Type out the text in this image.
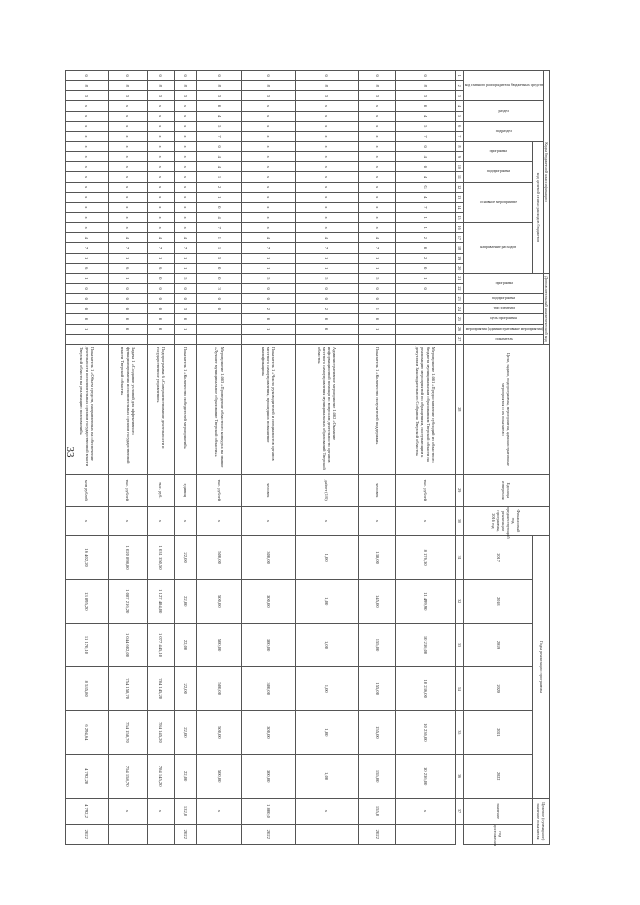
33
Коды бюджетной классификации																				Дополнительный аналитический код							Цели, задачи, подпрограммы, мероприятия, административные мероприятия и их показатели	Единица измерения	Финансовый год, предшествующий реализации программы, 2016 год	Годы реализации программы						Целевое (суммарное) значение показателя	
код главного распорядителя бюджетных средств			раздел		подраздел		код целевой статьи расходов бюджетов													программа		подпрограмма	тип элемента	цель программы	мероприятия (административные мероприятия)	показатель											
							программа		подпрограмма		основное мероприятие				направление расходов															2017	2018	2019	2020	2021	2022	значение	год достижения
1	2	3	4	5	6	7	8	9	10	11	12	13	14	15	16	17	18	19	20	21	22	23	24	25	26	27	28	29	30	31	32	33	34	35	36	37	
0	8	3	0	4	5	7	0	4	0	4	G	4	7	1	1	2	0	2	0	1	0						Мероприятие 1.001 «Предоставление субсидий из областного бюджета муниципальным образованиям Тверской области на реализацию мероприятий по обращениям, поступающим к депутатам Законодательного Собрания Тверской области»	тыс. рублей	х	8 176,30	11 499,90	10 236,00	10 236,00	10 236,00	10 236,00	х	
0	8	3	х	х	х	х	х	х	х	х	х	х	х	х	х	4	7	1	1	5	0	0	1	0	1		Показатель 1 «Количество получателей поддержки»	человек	х	138,00	145,00	155,00	155,00	155,00	155,00	155,0	2022
0	8	3	х	х	х	х	х	х	х	х	х	х	х	х	х	4	7	1	1	5	0	0	2	0	0		Административное мероприятие 1.002 «Оказание информационной помощи по вопросам деятельности органов местного самоуправления муниципальных образований Тверской области»	да/нет (1/0)	х	1,00	1,00	1,00	1,00	1,00	1,00	х	
0	8	3	х	х	х	х	х	х	х	х	х	х	х	х	х	4	7	1	1	5	0	0	2	0	1		Показатель 1 «Число руководителей и специалистов органов местного самоуправления, прошедших повышение квалификации»	человек	х	300,00	300,00	300,00	300,00	300,00	300,00	1 800,0	2022
0	8	3	0	4	5	7	0	4	4	1	2	1	0	4	7	1	1	5	0	0	3	0	0				Мероприятие 1.003 «Проведение областного конкурса на звание «Лучшее муниципальное образование Тверской области»»	тыс. рублей	х	500,00	500,00	500,00	500,00	500,00	500,00	х	
0	8	3	х	х	х	х	х	х	х	х	х	х	х	х	х	4	7	1	1	5	0	0	3	0	1		Показатель 1 «Количество победителей мероприятий»	единиц	х	22,00	22,00	22,00	22,00	22,00	22,00	132,0	2022
0	8	3	х	х	х	х	х	х	х	х	х	х	х	х	х	4	7	1	6	0	0	0	0	0	0		Подпрограмма 6 «Совершенствование деятельности и государственное управление»	тыс. руб.	х	1 031 350,50	1 127 484,00	1 077 445,10	784 145,20	784 145,20	784 145,20	х	
0	8	3	х	х	х	х	х	х	х	х	х	х	х	х	х	4	7	1	6	1	0	0	0	0	0		Задача 1 «Создание условий для эффективного функционирования исполнительных органов государственной власти Тверской области»	тыс. рублей	х	1 020 898,80	1 087 216,20	1 044 602,00	754 158,70	754 158,70	754 158,70	х	
0	8	3	х	х	х	х	х	х	х	х	х	х	х	х	х	4	7	1	6	1	0	0	0	0	1		Показатель 1 «Объем средств, направленных на обеспечение деятельности исполнительных органов государственной власти Тверской области на реализацию полномочий»	млн рублей	х	16 402,20	13 895,20	11 170,10	8 535,80	6 294,64	4 792,20	4 792,2	2022
